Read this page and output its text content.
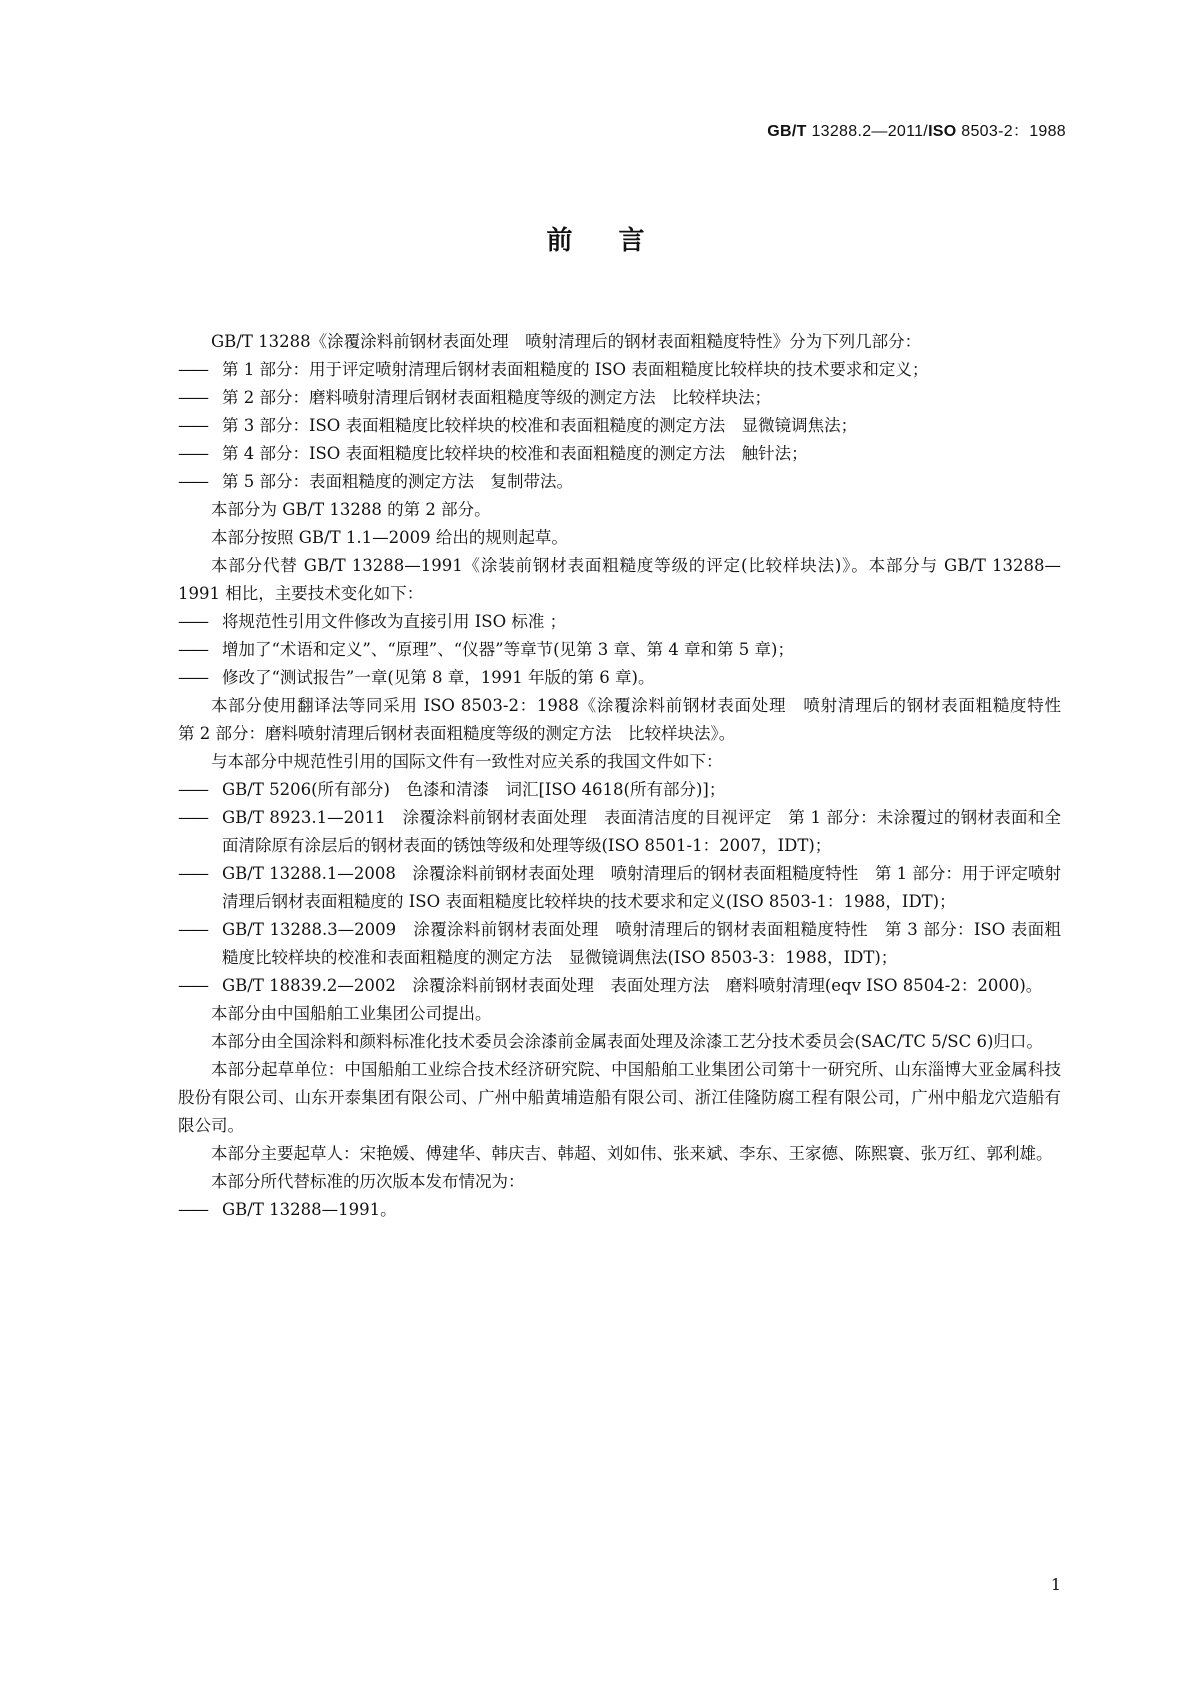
GB/T 13288.2—2011/ISO 8503-2：1988

前言

GB/T 13288《涂覆涂料前钢材表面处理　喷射清理后的钢材表面粗糙度特性》分为下列几部分：

—— 第 1 部分：用于评定喷射清理后钢材表面粗糙度的 ISO 表面粗糙度比较样块的技术要求和定义；

—— 第 2 部分：磨料喷射清理后钢材表面粗糙度等级的测定方法　比较样块法；

—— 第 3 部分：ISO 表面粗糙度比较样块的校准和表面粗糙度的测定方法　显微镜调焦法；

—— 第 4 部分：ISO 表面粗糙度比较样块的校准和表面粗糙度的测定方法　触针法；

—— 第 5 部分：表面粗糙度的测定方法　复制带法。

本部分为 GB/T 13288 的第 2 部分。

本部分按照 GB/T 1.1—2009 给出的规则起草。

本部分代替 GB/T 13288—1991《涂装前钢材表面粗糙度等级的评定(比较样块法)》。本部分与 GB/T 13288—1991 相比，主要技术变化如下：

—— 将规范性引用文件修改为直接引用 ISO 标准 ；

—— 增加了“术语和定义”、“原理”、“仪器”等章节(见第 3 章、第 4 章和第 5 章)；

—— 修改了“测试报告”一章(见第 8 章，1991 年版的第 6 章)。

本部分使用翻译法等同采用 ISO 8503-2：1988《涂覆涂料前钢材表面处理　喷射清理后的钢材表面粗糙度特性　第 2 部分：磨料喷射清理后钢材表面粗糙度等级的测定方法　比较样块法》。

与本部分中规范性引用的国际文件有一致性对应关系的我国文件如下：

—— GB/T 5206(所有部分)　色漆和清漆　词汇[ISO 4618(所有部分)]；

—— GB/T 8923.1—2011　涂覆涂料前钢材表面处理　表面清洁度的目视评定　第 1 部分：未涂覆过的钢材表面和全面清除原有涂层后的钢材表面的锈蚀等级和处理等级(ISO 8501-1：2007，IDT)；

—— GB/T 13288.1—2008　涂覆涂料前钢材表面处理　喷射清理后的钢材表面粗糙度特性　第 1 部分：用于评定喷射清理后钢材表面粗糙度的 ISO 表面粗糙度比较样块的技术要求和定义(ISO 8503-1：1988，IDT)；

—— GB/T 13288.3—2009　涂覆涂料前钢材表面处理　喷射清理后的钢材表面粗糙度特性　第 3 部分：ISO 表面粗糙度比较样块的校准和表面粗糙度的测定方法　显微镜调焦法(ISO 8503-3：1988，IDT)；

—— GB/T 18839.2—2002　涂覆涂料前钢材表面处理　表面处理方法　磨料喷射清理(eqv ISO 8504-2：2000)。

本部分由中国船舶工业集团公司提出。

本部分由全国涂料和颜料标准化技术委员会涂漆前金属表面处理及涂漆工艺分技术委员会(SAC/TC 5/SC 6)归口。

本部分起草单位：中国船舶工业综合技术经济研究院、中国船舶工业集团公司第十一研究所、山东淄博大亚金属科技股份有限公司、山东开泰集团有限公司、广州中船黄埔造船有限公司、浙江佳隆防腐工程有限公司，广州中船龙穴造船有限公司。

本部分主要起草人：宋艳媛、傅建华、韩庆吉、韩超、刘如伟、张来斌、李东、王家德、陈熙寰、张万红、郭利雄。

本部分所代替标准的历次版本发布情况为：

—— GB/T 13288—1991。

1
